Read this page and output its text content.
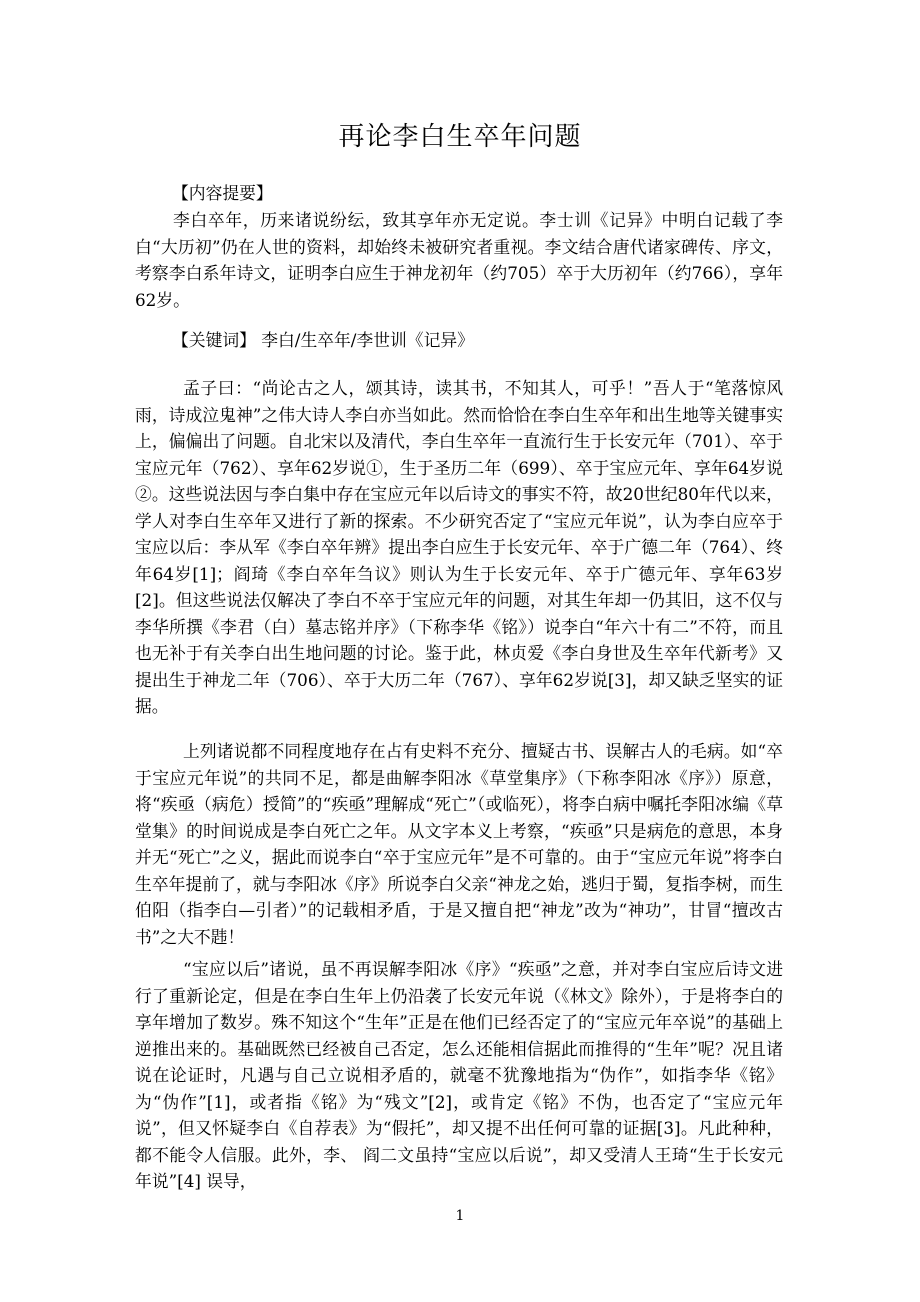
再论李白生卒年问题
【内容提要】
李白卒年，历来诸说纷纭，致其享年亦无定说。李士训《记异》中明白记载了李白“大历初”仍在人世的资料，却始终未被研究者重视。李文结合唐代诸家碑传、序文，考察李白系年诗文，证明李白应生于神龙初年（约705）卒于大历初年（约766），享年62岁。
【关键词】 李白/生卒年/李世训《记异》
孟子曰：“尚论古之人，颂其诗，读其书，不知其人，可乎！”吾人于“笔落惊风雨，诗成泣鬼神”之伟大诗人李白亦当如此。然而恰恰在李白生卒年和出生地等关键事实上，偏偏出了问题。自北宋以及清代，李白生卒年一直流行生于长安元年（701）、卒于宝应元年（762）、享年62岁说①，生于圣历二年（699）、卒于宝应元年、享年64岁说②。这些说法因与李白集中存在宝应元年以后诗文的事实不符，故20世纪80年代以来，学人对李白生卒年又进行了新的探索。不少研究否定了“宝应元年说”，认为李白应卒于宝应以后：李从军《李白卒年辨》提出李白应生于长安元年、卒于广德二年（764）、终年64岁[1]；阎琦《李白卒年刍议》则认为生于长安元年、卒于广德元年、享年63岁[2]。但这些说法仅解决了李白不卒于宝应元年的问题，对其生年却一仍其旧，这不仅与李华所撰《李君（白）墓志铭并序》（下称李华《铭》）说李白“年六十有二”不符，而且也无补于有关李白出生地问题的讨论。鉴于此，林贞爱《李白身世及生卒年代新考》又提出生于神龙二年（706）、卒于大历二年（767）、享年62岁说[3]，却又缺乏坚实的证据。
上列诸说都不同程度地存在占有史料不充分、擅疑古书、误解古人的毛病。如“卒于宝应元年说”的共同不足，都是曲解李阳冰《草堂集序》（下称李阳冰《序》）原意，将“疾亟（病危）授简”的“疾亟”理解成“死亡”（或临死），将李白病中嘱托李阳冰编《草堂集》的时间说成是李白死亡之年。从文字本义上考察，“疾亟”只是病危的意思，本身并无“死亡”之义，据此而说李白“卒于宝应元年”是不可靠的。由于“宝应元年说”将李白生卒年提前了，就与李阳冰《序》所说李白父亲“神龙之始，逃归于蜀，复指李树，而生伯阳（指李白—引者）”的记载相矛盾，于是又擅自把“神龙”改为“神功”，甘冒“擅改古书”之大不韪！
“宝应以后”诸说，虽不再误解李阳冰《序》“疾亟”之意，并对李白宝应后诗文进行了重新论定，但是在李白生年上仍沿袭了长安元年说（《林文》除外），于是将李白的享年增加了数岁。殊不知这个“生年”正是在他们已经否定了的“宝应元年卒说”的基础上逆推出来的。基础既然已经被自己否定，怎么还能相信据此而推得的“生年”呢？况且诸说在论证时，凡遇与自己立说相矛盾的，就毫不犹豫地指为“伪作”，如指李华《铭》为“伪作”[1]，或者指《铭》为“残文”[2]，或肯定《铭》不伪，也否定了“宝应元年说”，但又怀疑李白《自荐表》为“假托”，却又提不出任何可靠的证据[3]。凡此种种，都不能令人信服。此外，李、 阎二文虽持“宝应以后说”，却又受清人王琦“生于长安元年说”[4] 误导，
1
